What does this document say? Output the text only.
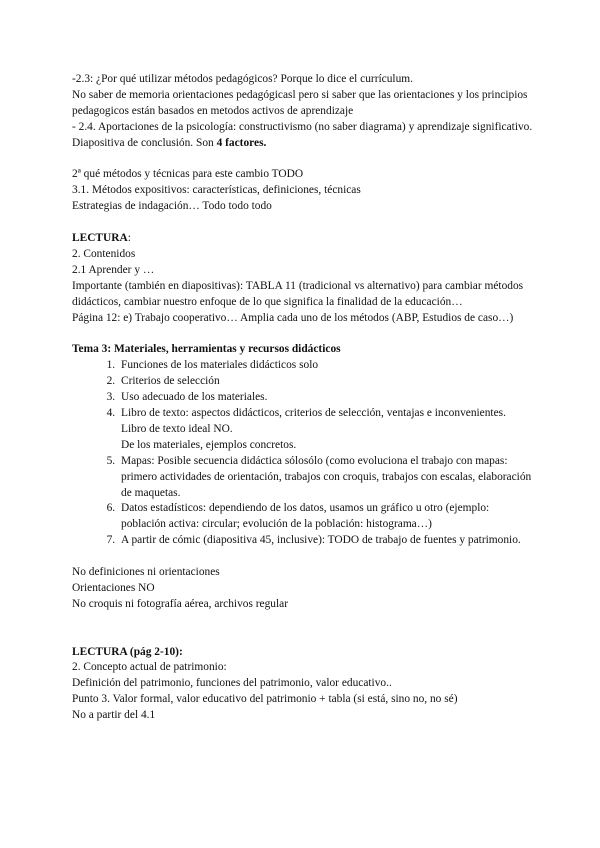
-2.3: ¿Por qué utilizar métodos pedagógicos? Porque lo dice el currículum.

No saber de memoria orientaciones pedagógicasl pero si saber que las orientaciones y los principios pedagogicos están basados en metodos activos de aprendizaje

- 2.4. Aportaciones de la psicología: constructivismo (no saber diagrama) y aprendizaje significativo. Diapositiva de conclusión. Son 4 factores.

2ª qué métodos y técnicas para este cambio TODO

3.1. Métodos expositivos: características, definiciones, técnicas

Estrategias de indagación… Todo todo todo

LECTURA:

2. Contenidos

2.1 Aprender y …

Importante (también en diapositivas): TABLA 11 (tradicional vs alternativo) para cambiar métodos didácticos, cambiar nuestro enfoque de lo que significa la finalidad de la educación…

Página 12: e) Trabajo cooperativo… Amplia cada uno de los métodos (ABP, Estudios de caso…)

Tema 3: Materiales, herramientas y recursos didácticos

1. Funciones de los materiales didácticos solo
2. Criterios de selección
3. Uso adecuado de los materiales.
4. Libro de texto: aspectos didácticos, criterios de selección, ventajas e inconvenientes.
Libro de texto ideal NO.
De los materiales, ejemplos concretos.
5. Mapas: Posible secuencia didáctica sólosólo (como evoluciona el trabajo con mapas: primero actividades de orientación, trabajos con croquis, trabajos con escalas, elaboración de maquetas.
6. Datos estadísticos: dependiendo de los datos, usamos un gráfico u otro (ejemplo: población activa: circular; evolución de la población: histograma…)
7. A partir de cómic (diapositiva 45, inclusive): TODO de trabajo de fuentes y patrimonio.

No definiciones ni orientaciones

Orientaciones NO

No croquis ni fotografía aérea, archivos regular

LECTURA (pág 2-10):

2. Concepto actual de patrimonio:

Definición del patrimonio, funciones del patrimonio, valor educativo..

Punto 3. Valor formal, valor educativo del patrimonio + tabla (si está, sino no, no sé)

No a partir del 4.1
